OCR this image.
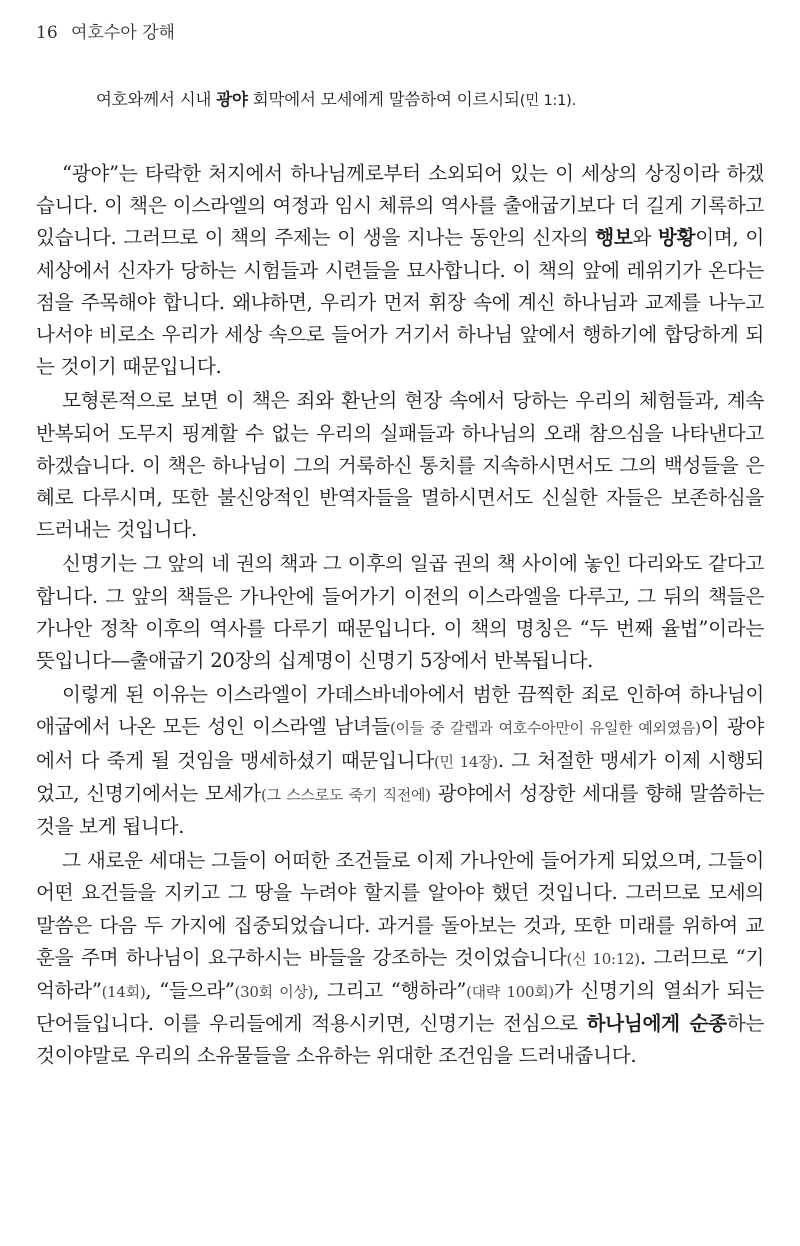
16 여호수아 강해
여호와께서 시내 광야 회막에서 모세에게 말씀하여 이르시되(민 1:1).

“광야”는 타락한 처지에서 하나님께로부터 소외되어 있는 이 세상의 상징이라 하겠습니다. 이 책은 이스라엘의 여정과 임시 체류의 역사를 출애굽기보다 더 길게 기록하고 있습니다. 그러므로 이 책의 주제는 이 생을 지나는 동안의 신자의 행보와 방황이며, 이 세상에서 신자가 당하는 시험들과 시련들을 묘사합니다. 이 책의 앞에 레위기가 온다는 점을 주목해야 합니다. 왜냐하면, 우리가 먼저 휘장 속에 계신 하나님과 교제를 나누고 나서야 비로소 우리가 세상 속으로 들어가 거기서 하나님 앞에서 행하기에 합당하게 되는 것이기 때문입니다.

모형론적으로 보면 이 책은 죄와 환난의 현장 속에서 당하는 우리의 체험들과, 계속 반복되어 도무지 핑계할 수 없는 우리의 실패들과 하나님의 오래 참으심을 나타낸다고 하겠습니다. 이 책은 하나님이 그의 거룩하신 통치를 지속하시면서도 그의 백성들을 은혜로 다루시며, 또한 불신앙적인 반역자들을 멸하시면서도 신실한 자들은 보존하심을 드러내는 것입니다.

신명기는 그 앞의 네 권의 책과 그 이후의 일곱 권의 책 사이에 놓인 다리와도 같다고 합니다. 그 앞의 책들은 가나안에 들어가기 이전의 이스라엘을 다루고, 그 뒤의 책들은 가나안 정착 이후의 역사를 다루기 때문입니다. 이 책의 명칭은 “두 번째 율법”이라는 뜻입니다—출애굽기 20장의 십계명이 신명기 5장에서 반복됩니다.

이렇게 된 이유는 이스라엘이 가데스바네아에서 범한 끔찍한 죄로 인하여 하나님이 애굽에서 나온 모든 성인 이스라엘 남녀들(이들 중 갈렙과 여호수아만이 유일한 예외였음)이 광야에서 다 죽게 될 것임을 맹세하셨기 때문입니다(민 14장). 그 처절한 맹세가 이제 시행되었고, 신명기에서는 모세가(그 스스로도 죽기 직전에) 광야에서 성장한 세대를 향해 말씀하는 것을 보게 됩니다.

그 새로운 세대는 그들이 어떠한 조건들로 이제 가나안에 들어가게 되었으며, 그들이 어떤 요건들을 지키고 그 땅을 누려야 할지를 알아야 했던 것입니다. 그러므로 모세의 말씀은 다음 두 가지에 집중되었습니다. 과거를 돌아보는 것과, 또한 미래를 위하여 교훈을 주며 하나님이 요구하시는 바들을 강조하는 것이었습니다(신 10:12). 그러므로 “기억하라”(14회), “들으라”(30회 이상), 그리고 “행하라”(대략 100회)가 신명기의 열쇠가 되는 단어들입니다. 이를 우리들에게 적용시키면, 신명기는 전심으로 하나님에게 순종하는 것이야말로 우리의 소유물들을 소유하는 위대한 조건임을 드러내줍니다.
